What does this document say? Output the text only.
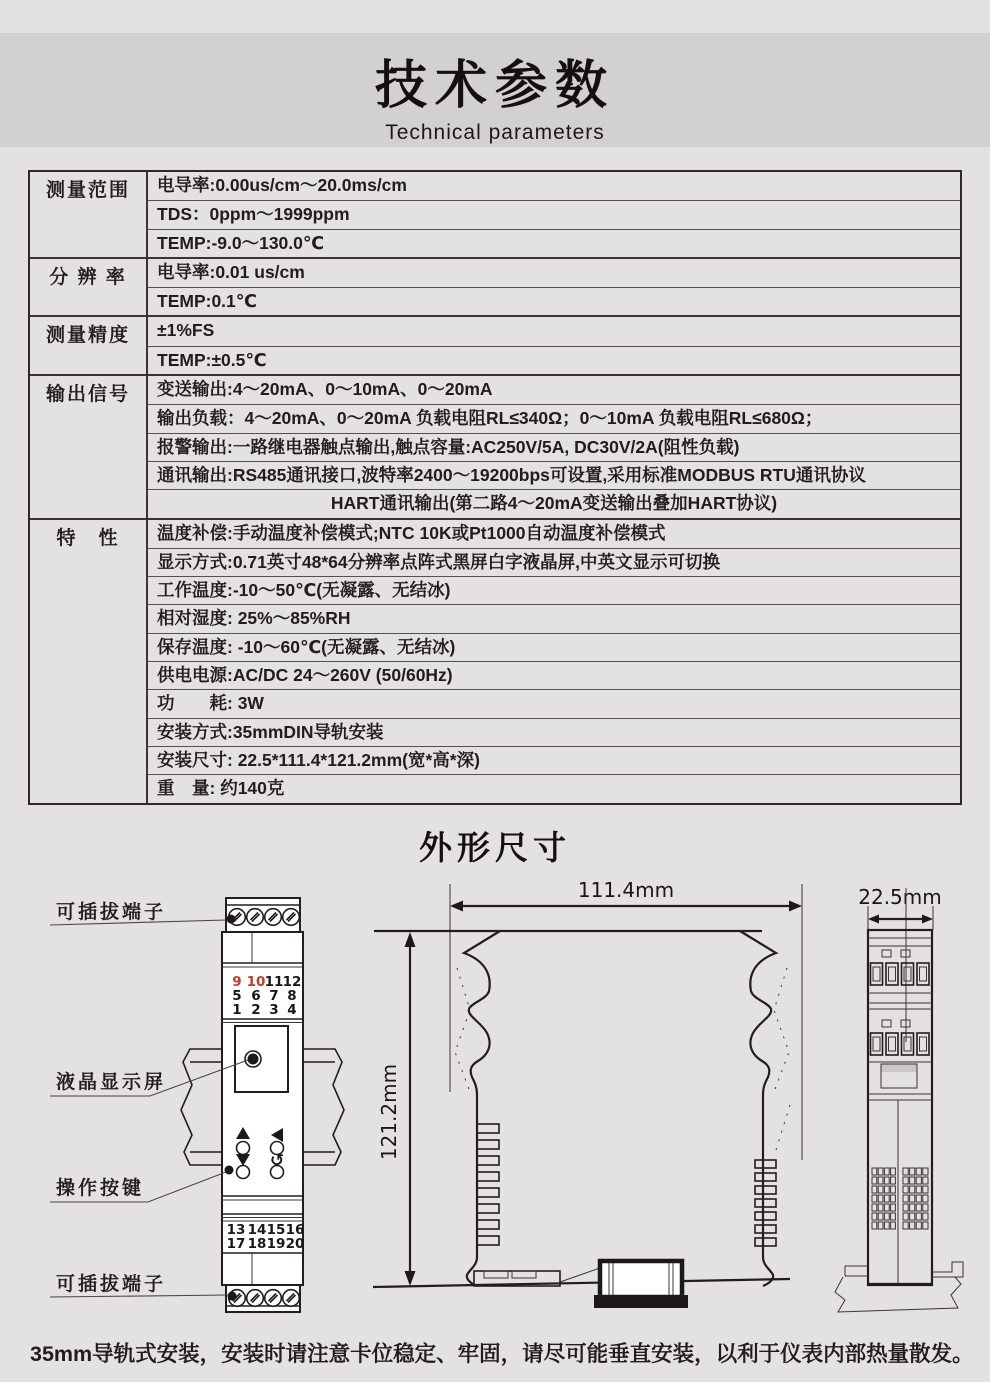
技术参数
Technical parameters
测量范围	电导率:0.00us/cm～20.0ms/cm
TDS：0ppm～1999ppm
TEMP:-9.0～130.0℃
分 辨 率	电导率:0.01 us/cm
TEMP:0.1℃
测量精度	±1%FS
TEMP:±0.5℃
输出信号	变送输出:4～20mA、0～10mA、0～20mA
输出负载：4～20mA、0～20mA 负载电阻RL≤340Ω；0～10mA 负载电阻RL≤680Ω；
报警输出:一路继电器触点输出,触点容量:AC250V/5A, DC30V/2A(阻性负载)
通讯输出:RS485通讯接口,波特率2400～19200bps可设置,采用标准MODBUS RTU通讯协议
HART通讯输出(第二路4～20mA变送输出叠加HART协议)
特　性	温度补偿:手动温度补偿模式;NTC 10K或Pt1000自动温度补偿模式
显示方式:0.71英寸48*64分辨率点阵式黑屏白字液晶屏,中英文显示可切换
工作温度:-10～50℃(无凝露、无结冰)
相对湿度: 25%～85%RH
保存温度: -10～60℃(无凝露、无结冰)
供电电源:AC/DC 24～260V (50/60Hz)
功　　耗: 3W
安装方式:35mmDIN导轨安装
安装尺寸: 22.5*111.4*121.2mm(宽*高*深)
重　量: 约140克
外形尺寸
9 10 11 12
5 6 7 8
1 2 3 4
↺
13 14 15 16
17 18 19 20
可插拔端子
液晶显示屏
操作按键
可插拔端子
111.4mm
121.2mm
22.5mm
35mm导轨式安装，安装时请注意卡位稳定、牢固，请尽可能垂直安装，以利于仪表内部热量散发。
